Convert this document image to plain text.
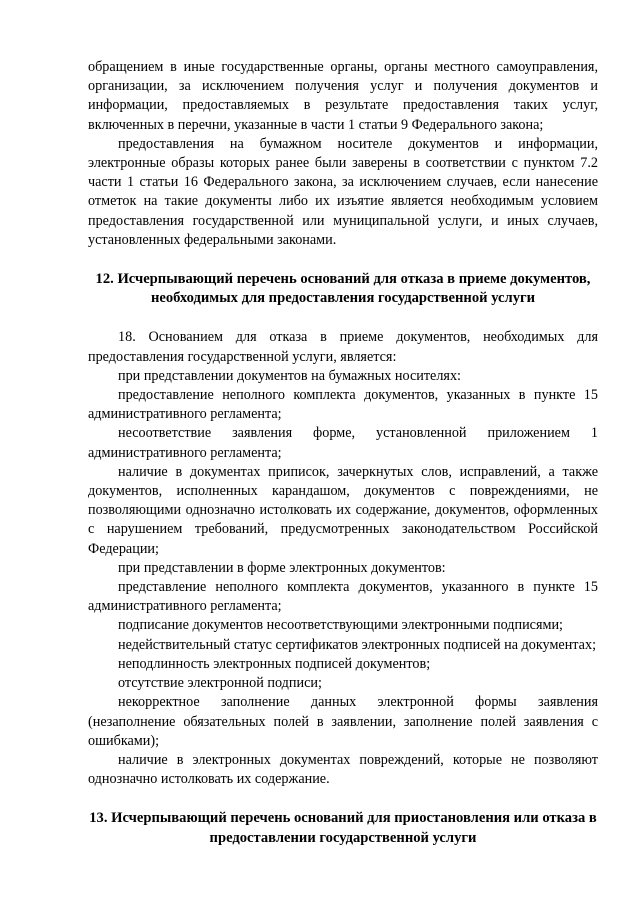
обращением в иные государственные органы, органы местного самоуправления, организации, за исключением получения услуг и получения документов и информации, предоставляемых в результате предоставления таких услуг, включенных в перечни, указанные в части 1 статьи 9 Федерального закона;

предоставления на бумажном носителе документов и информации, электронные образы которых ранее были заверены в соответствии с пунктом 7.2 части 1 статьи 16 Федерального закона, за исключением случаев, если нанесение отметок на такие документы либо их изъятие является необходимым условием предоставления государственной или муниципальной услуги, и иных случаев, установленных федеральными законами.

12. Исчерпывающий перечень оснований для отказа в приеме документов, необходимых для предоставления государственной услуги

18. Основанием для отказа в приеме документов, необходимых для предоставления государственной услуги, является:

при представлении документов на бумажных носителях:

предоставление неполного комплекта документов, указанных в пункте 15 административного регламента;

несоответствие заявления форме, установленной приложением 1 административного регламента;

наличие в документах приписок, зачеркнутых слов, исправлений, а также документов, исполненных карандашом, документов с повреждениями, не позволяющими однозначно истолковать их содержание, документов, оформленных с нарушением требований, предусмотренных законодательством Российской Федерации;

при представлении в форме электронных документов:

представление неполного комплекта документов, указанного в пункте 15 административного регламента;

подписание документов несоответствующими электронными подписями;

недействительный статус сертификатов электронных подписей на документах;

неподлинность электронных подписей документов;

отсутствие электронной подписи;

некорректное заполнение данных электронной формы заявления (незаполнение обязательных полей в заявлении, заполнение полей заявления с ошибками);

наличие в электронных документах повреждений, которые не позволяют однозначно истолковать их содержание.

13. Исчерпывающий перечень оснований для приостановления или отказа в предоставлении государственной услуги
